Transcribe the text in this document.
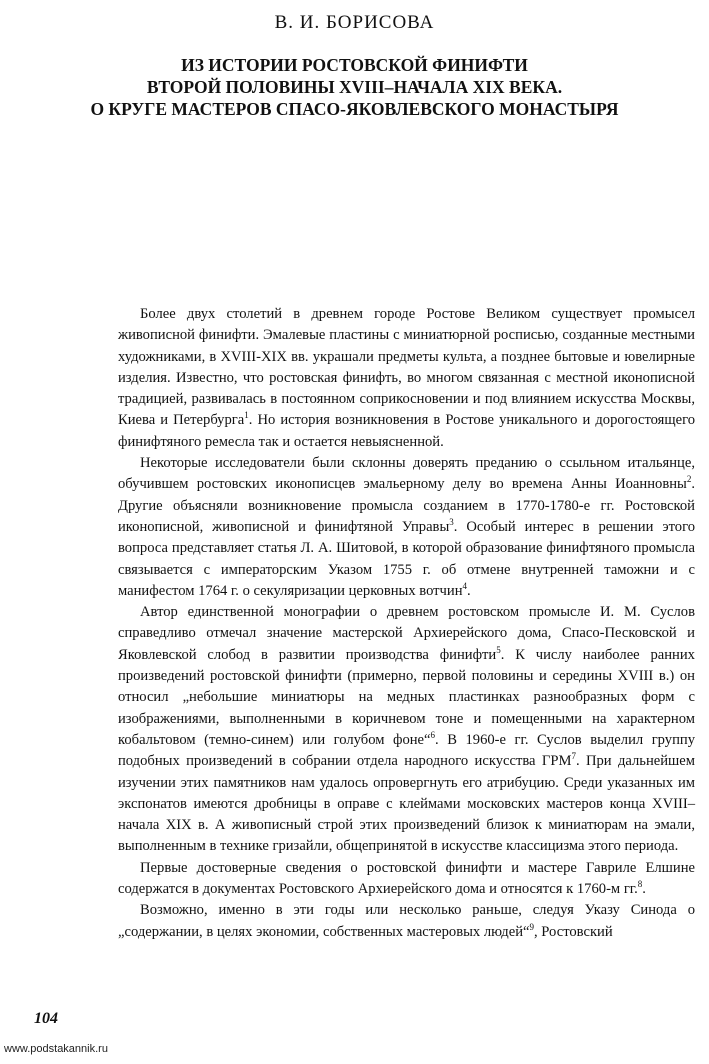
В. И. БОРИСОВА
ИЗ ИСТОРИИ РОСТОВСКОЙ ФИНИФТИ
ВТОРОЙ ПОЛОВИНЫ XVIII–НАЧАЛА XIX ВЕКА.
О КРУГЕ МАСТЕРОВ СПАСО-ЯКОВЛЕВСКОГО МОНАСТЫРЯ

Более двух столетий в древнем городе Ростове Великом существует промысел живописной финифти. Эмалевые пластины с миниатюрной росписью, созданные местными художниками, в XVIII-XIX вв. украшали предметы культа, а позднее бытовые и ювелирные изделия. Известно, что ростовская финифть, во многом связанная с местной иконописной традицией, развивалась в постоянном соприкосновении и под влиянием искусства Москвы, Киева и Петербурга$^1$. Но история возникновения в Ростове уникального и дорогостоящего финифтяного ремесла так и остается невыясненной.

Некоторые исследователи были склонны доверять преданию о ссыльном итальянце, обучившем ростовских иконописцев эмальерному делу во времена Анны Иоанновны$^2$. Другие объясняли возникновение промысла созданием в 1770-1780-е гг. Ростовской иконописной, живописной и финифтяной Управы$^3$. Особый интерес в решении этого вопроса представляет статья Л. А. Шитовой, в которой образование финифтяного промысла связывается с императорским Указом 1755 г. об отмене внутренней таможни и с манифестом 1764 г. о секуляризации церковных вотчин$^4$.

Автор единственной монографии о древнем ростовском промысле И. М. Суслов справедливо отмечал значение мастерской Архиерейского дома, Спасо-Песковской и Яковлевской слобод в развитии производства финифти$^5$. К числу наиболее ранних произведений ростовской финифти (примерно, первой половины и середины XVIII в.) он относил „небольшие миниатюры на медных пластинках разнообразных форм с изображениями, выполненными в коричневом тоне и помещенными на характерном кобальтовом (темно-синем) или голубом фоне“$^6$. В 1960-е гг. Суслов выделил группу подобных произведений в собрании отдела народного искусства ГРМ$^7$. При дальнейшем изучении этих памятников нам удалось опровергнуть его атрибуцию. Среди указанных им экспонатов имеются дробницы в оправе с клеймами московских мастеров конца XVIII–начала XIX в. А живописный строй этих произведений близок к миниатюрам на эмали, выполненным в технике гризайли, общепринятой в искусстве классицизма этого периода.

Первые достоверные сведения о ростовской финифти и мастере Гавриле Елшине содержатся в документах Ростовского Архиерейского дома и относятся к 1760-м гг.$^8$.

Возможно, именно в эти годы или несколько раньше, следуя Указу Синода о „содержании, в целях экономии, собственных мастеровых людей“$^9$, Ростовский

104
www.podstakannik.ru
